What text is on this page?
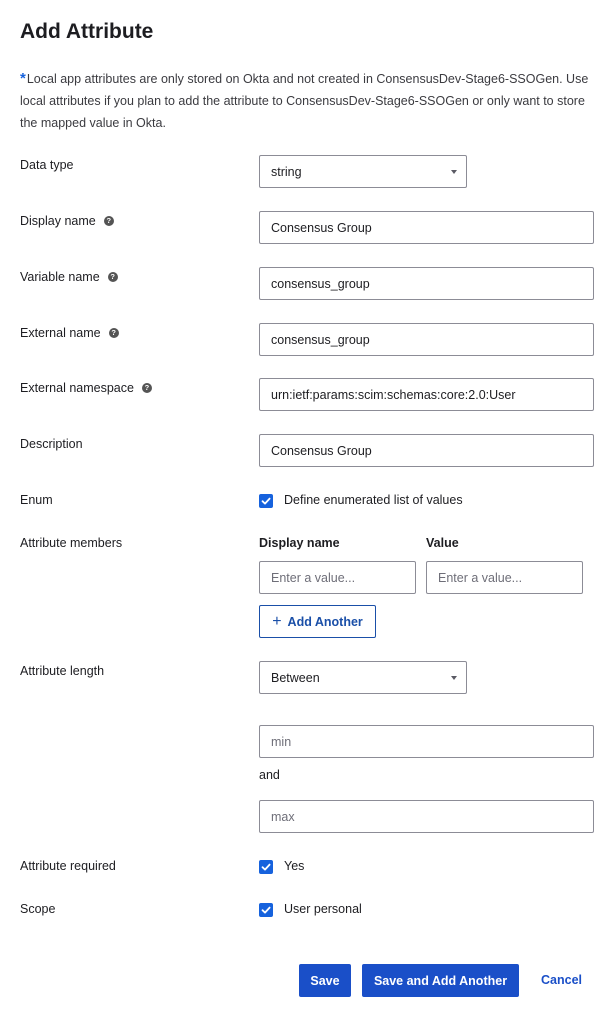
Add Attribute
*Local app attributes are only stored on Okta and not created in ConsensusDev-Stage6-SSOGen. Use local attributes if you plan to add the attribute to ConsensusDev-Stage6-SSOGen or only want to store the mapped value in Okta.
Data type	string
Display name	?	Consensus Group
Variable name	?	consensus_group
External name	?	consensus_group
External namespace	?	urn:ietf:params:scim:schemas:core:2.0:User
Description	Consensus Group
Enum	Define enumerated list of values
Attribute members	Display name	Value
Enter a value...	Enter a value...
+ Add Another
Attribute length	Between
min
and
max
Attribute required	Yes
Scope	User personal
Save	Save and Add Another	Cancel
